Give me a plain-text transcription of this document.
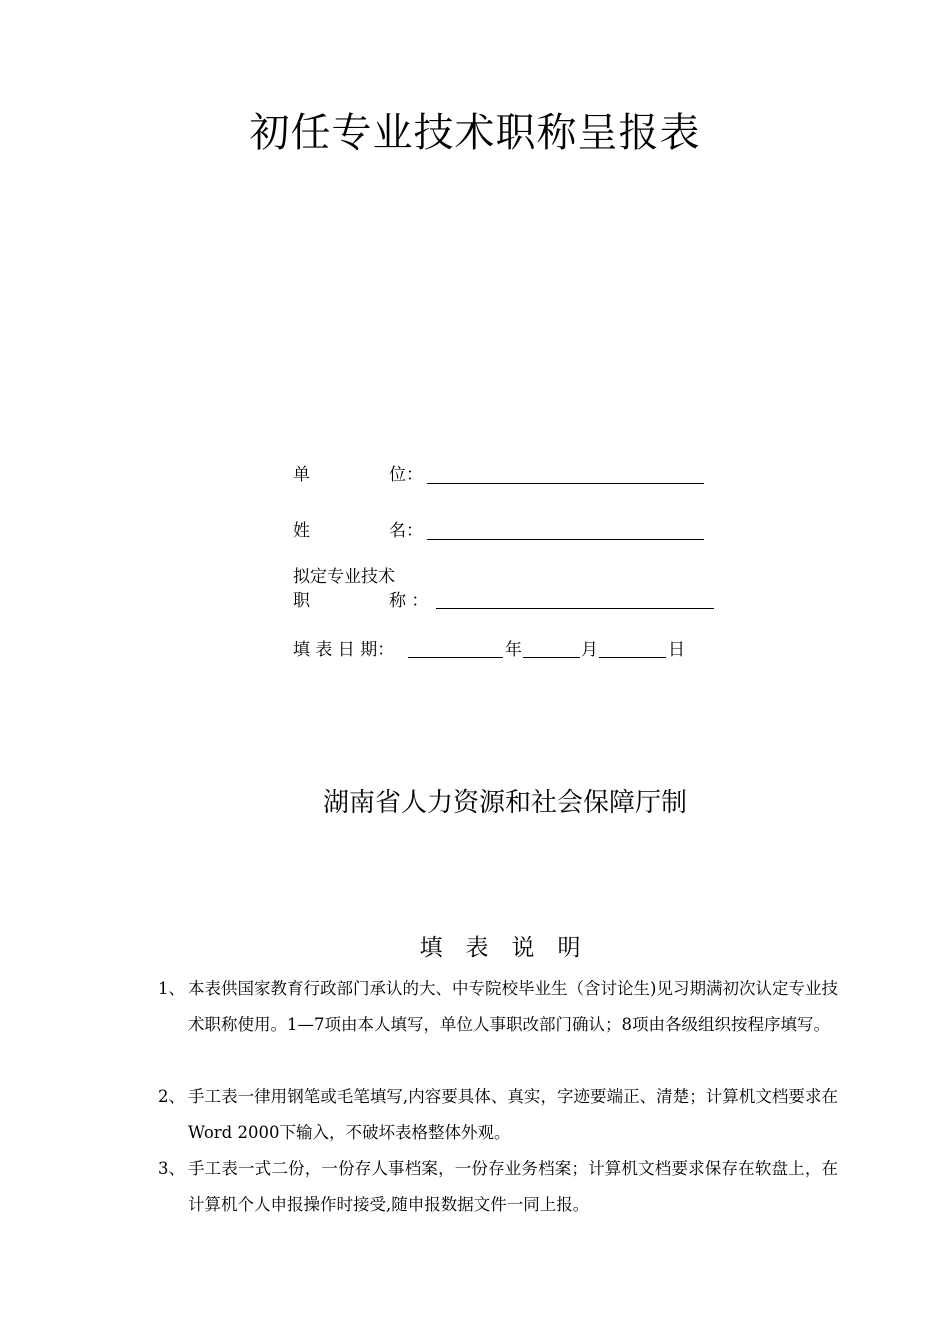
初任专业技术职称呈报表
单	位：
姓	名：
拟定专业技术
职	称 ：
填 表 日 期：	年	月	日
湖南省人力资源和社会保障厅制
填　表　说　明
1、 本表供国家教育行政部门承认的大、中专院校毕业生（含讨论生)见习期满初次认定专业技术职称使用。1—7项由本人填写，单位人事职改部门确认；8项由各级组织按程序填写。
2、 手工表一律用钢笔或毛笔填写,内容要具体、真实，字迹要端正、清楚；计算机文档要求在Word 2000下输入，不破坏表格整体外观。
3、 手工表一式二份，一份存人事档案，一份存业务档案；计算机文档要求保存在软盘上，在计算机个人申报操作时接受,随申报数据文件一同上报。
